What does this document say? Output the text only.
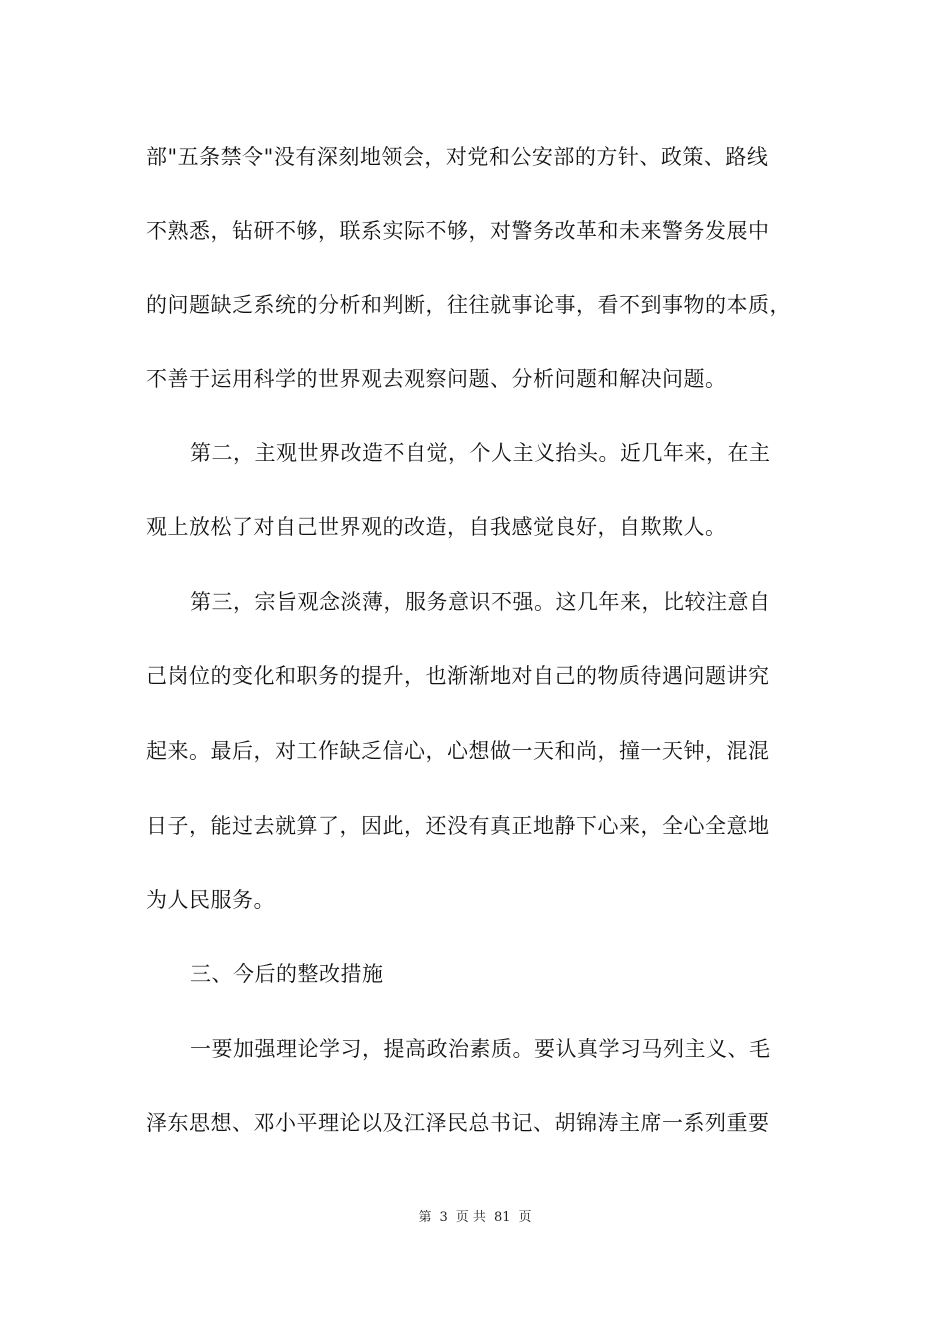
部"五条禁令"没有深刻地领会，对党和公安部的方针、政策、路线
不熟悉，钻研不够，联系实际不够，对警务改革和未来警务发展中
的问题缺乏系统的分析和判断，往往就事论事，看不到事物的本质，
不善于运用科学的世界观去观察问题、分析问题和解决问题。
第二，主观世界改造不自觉，个人主义抬头。近几年来，在主
观上放松了对自己世界观的改造，自我感觉良好，自欺欺人。
第三，宗旨观念淡薄，服务意识不强。这几年来，比较注意自
己岗位的变化和职务的提升，也渐渐地对自己的物质待遇问题讲究
起来。最后，对工作缺乏信心，心想做一天和尚，撞一天钟，混混
日子，能过去就算了，因此，还没有真正地静下心来，全心全意地
为人民服务。
三、今后的整改措施
一要加强理论学习，提高政治素质。要认真学习马列主义、毛
泽东思想、邓小平理论以及江泽民总书记、胡锦涛主席一系列重要
第 3 页 共 81 页
